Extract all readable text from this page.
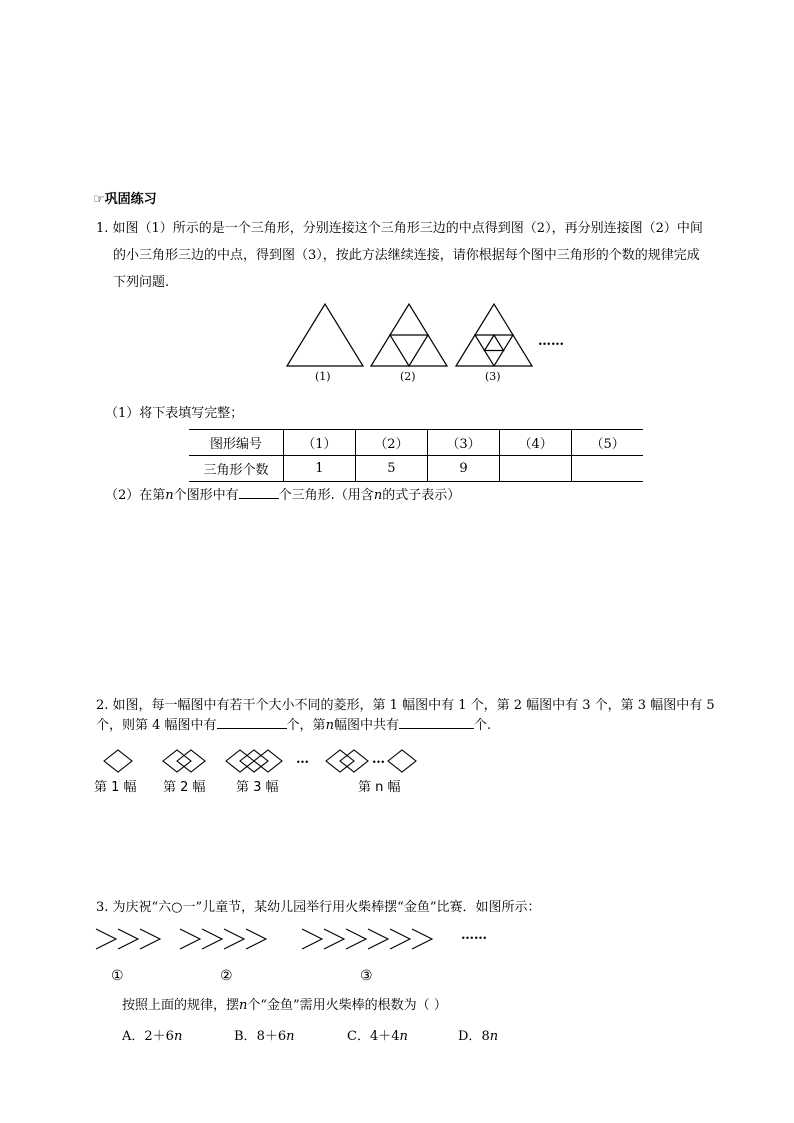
☞巩固练习
1. 如图（1）所示的是一个三角形，分别连接这个三角形三边的中点得到图（2），再分别连接图（2）中间
的小三角形三边的中点，得到图（3），按此方法继续连接，请你根据每个图中三角形的个数的规律完成
下列问题.
(1)	(2)	(3)
……
（1）将下表填写完整；
图形编号	（1）	（2）	（3）	（4）	（5）
三角形个数	1	5	9		
（2）在第n个图形中有	个三角形.（用含n的式子表示）
2. 如图，每一幅图中有若干个大小不同的菱形，第 1 幅图中有 1 个，第 2 幅图中有 3 个，第 3 幅图中有 5
个，则第 4 幅图中有	个，第n幅图中共有	个.
…	…
第 1 幅 第 2 幅 第 3 幅	第 n 幅
3. 为庆祝“六○一”儿童节，某幼儿园举行用火柴棒摆“金鱼”比赛．如图所示：
……
①	②	③
按照上面的规律，摆n个“金鱼”需用火柴棒的根数为（ ）
A．2＋6n	B．8＋6n	C．4＋4n	D．8n
